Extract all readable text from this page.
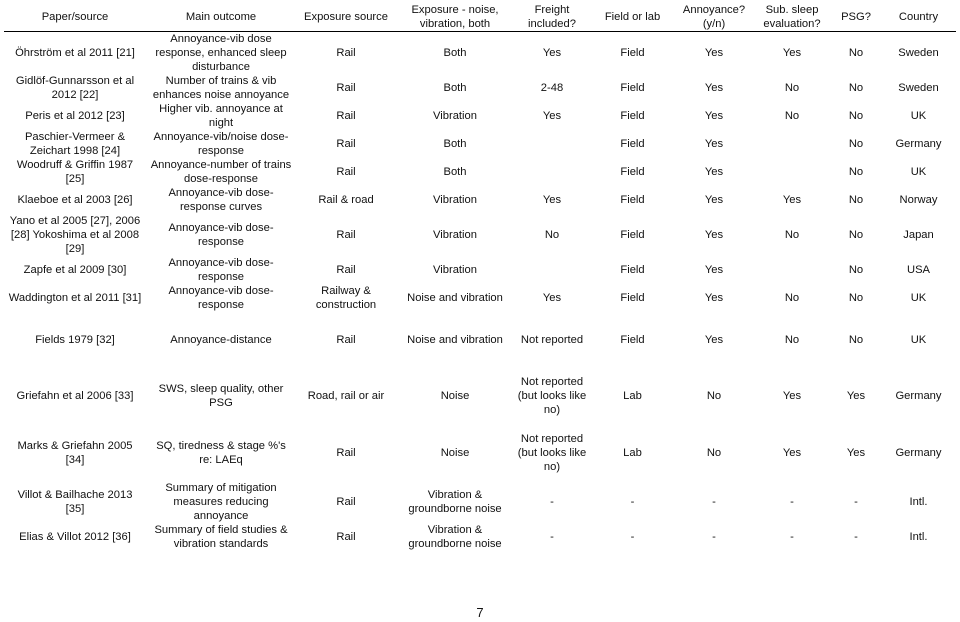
Paper/source	Main outcome	Exposure source	Exposure - noise, vibration, both	Freight included?	Field or lab	Annoyance? (y/n)	Sub. sleep evaluation?	PSG?	Country
Öhrström et al 2011 [21]	Annoyance-vib dose response, enhanced sleep disturbance	Rail	Both	Yes	Field	Yes	Yes	No	Sweden
Gidlöf-Gunnarsson et al 2012 [22]	Number of trains & vib enhances noise annoyance	Rail	Both	2-48	Field	Yes	No	No	Sweden
Peris et al 2012 [23]	Higher vib. annoyance at night	Rail	Vibration	Yes	Field	Yes	No	No	UK
Paschier-Vermeer & Zeichart 1998 [24]	Annoyance-vib/noise dose-response	Rail	Both		Field	Yes		No	Germany
Woodruff & Griffin 1987 [25]	Annoyance-number of trains dose-response	Rail	Both		Field	Yes		No	UK
Klaeboe et al 2003 [26]	Annoyance-vib dose-response curves	Rail & road	Vibration	Yes	Field	Yes	Yes	No	Norway
Yano et al 2005 [27], 2006 [28] Yokoshima et al 2008 [29]	Annoyance-vib dose-response	Rail	Vibration	No	Field	Yes	No	No	Japan
Zapfe et al 2009 [30]	Annoyance-vib dose-response	Rail	Vibration		Field	Yes		No	USA
Waddington et al 2011 [31]	Annoyance-vib dose-response	Railway & construction	Noise and vibration	Yes	Field	Yes	No	No	UK
Fields 1979 [32]	Annoyance-distance	Rail	Noise and vibration	Not reported	Field	Yes	No	No	UK
Griefahn et al 2006 [33]	SWS, sleep quality, other PSG	Road, rail or air	Noise	Not reported (but looks like no)	Lab	No	Yes	Yes	Germany
Marks & Griefahn 2005 [34]	SQ, tiredness & stage %'s re: LAEq	Rail	Noise	Not reported (but looks like no)	Lab	No	Yes	Yes	Germany
Villot & Bailhache 2013 [35]	Summary of mitigation measures reducing annoyance	Rail	Vibration & groundborne noise	-	-	-	-	-	Intl.
Elias & Villot 2012 [36]	Summary of field studies & vibration standards	Rail	Vibration & groundborne noise	-	-	-	-	-	Intl.
7
